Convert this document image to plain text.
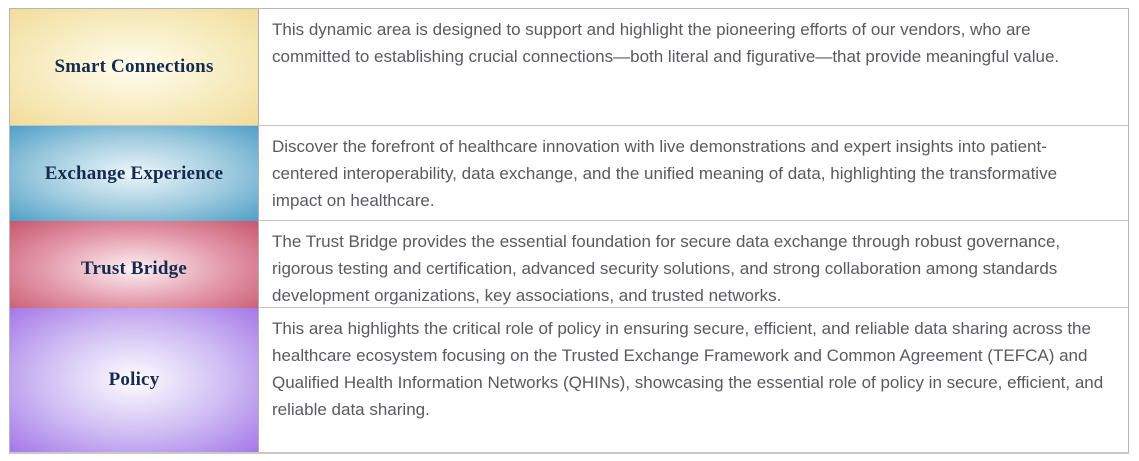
Smart Connections
This dynamic area is designed to support and highlight the pioneering efforts of our vendors, who are committed to establishing crucial connections—both literal and figurative—that provide meaningful value.
Exchange Experience
Discover the forefront of healthcare innovation with live demonstrations and expert insights into patient-centered interoperability, data exchange, and the unified meaning of data, highlighting the transformative impact on healthcare.
Trust Bridge
The Trust Bridge provides the essential foundation for secure data exchange through robust governance, rigorous testing and certification, advanced security solutions, and strong collaboration among standards development organizations, key associations, and trusted networks.
Policy
This area highlights the critical role of policy in ensuring secure, efficient, and reliable data sharing across the healthcare ecosystem focusing on the Trusted Exchange Framework and Common Agreement (TEFCA) and Qualified Health Information Networks (QHINs), showcasing the essential role of policy in secure, efficient, and reliable data sharing.
